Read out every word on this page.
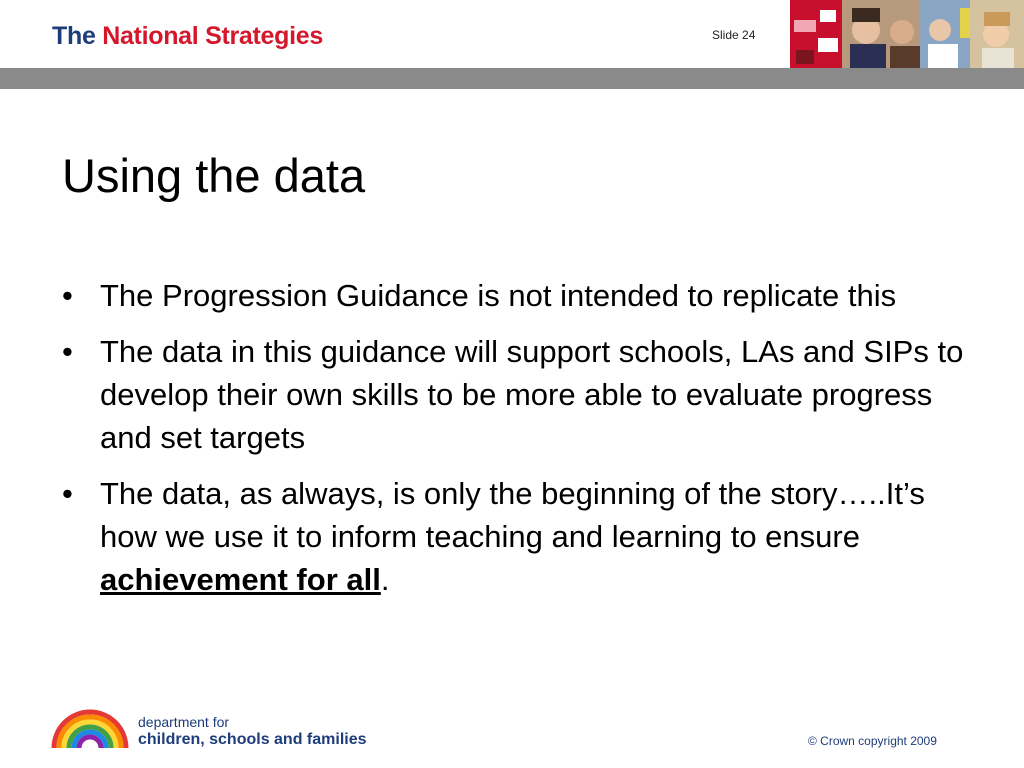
The National Strategies	Slide 24
Using the data
• The Progression Guidance is not intended to replicate this
• The data in this guidance will support schools, LAs and SIPs to develop their own skills to be more able to evaluate progress and set targets
• The data, as always, is only the beginning of the story…..It’s how we use it to inform teaching and learning to ensure achievement for all.
department for
children, schools and families	© Crown copyright 2009
